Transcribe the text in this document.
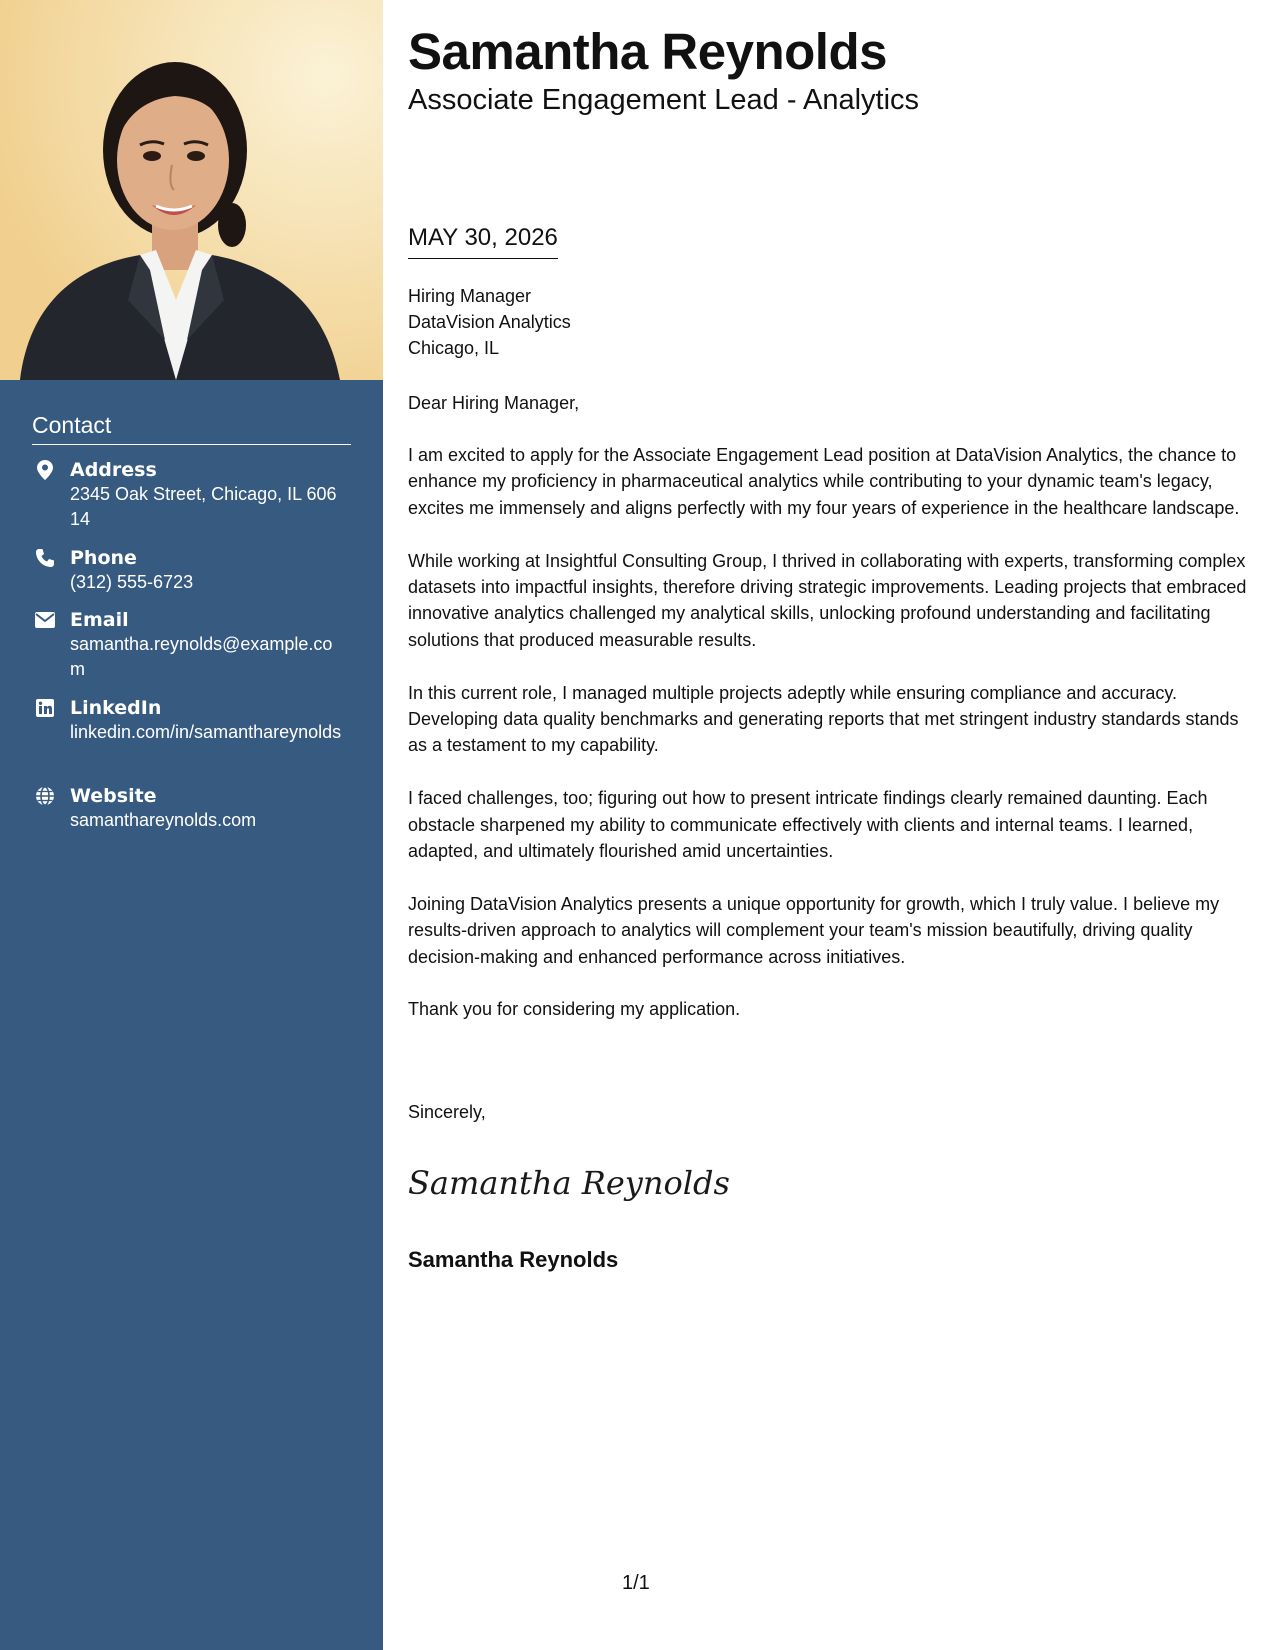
Contact
Address
2345 Oak Street, Chicago, IL 60614
Phone
(312) 555-6723
Email
samantha.reynolds@example.com
LinkedIn
linkedin.com/in/samanthareynolds
Website
samanthareynolds.com
Samantha Reynolds
Associate Engagement Lead - Analytics
MAY 30, 2026
Hiring Manager
DataVision Analytics
Chicago, IL
Dear Hiring Manager,

I am excited to apply for the Associate Engagement Lead position at DataVision Analytics, the chance to enhance my proficiency in pharmaceutical analytics while contributing to your dynamic team's legacy, excites me immensely and aligns perfectly with my four years of experience in the healthcare landscape.

While working at Insightful Consulting Group, I thrived in collaborating with experts, transforming complex datasets into impactful insights, therefore driving strategic improvements. Leading projects that embraced innovative analytics challenged my analytical skills, unlocking profound understanding and facilitating solutions that produced measurable results.

In this current role, I managed multiple projects adeptly while ensuring compliance and accuracy. Developing data quality benchmarks and generating reports that met stringent industry standards stands as a testament to my capability.

I faced challenges, too; figuring out how to present intricate findings clearly remained daunting. Each obstacle sharpened my ability to communicate effectively with clients and internal teams. I learned, adapted, and ultimately flourished amid uncertainties.

Joining DataVision Analytics presents a unique opportunity for growth, which I truly value. I believe my results-driven approach to analytics will complement your team's mission beautifully, driving quality decision-making and enhanced performance across initiatives.

Thank you for considering my application.

Sincerely,
Samantha Reynolds
Samantha Reynolds
1/1
